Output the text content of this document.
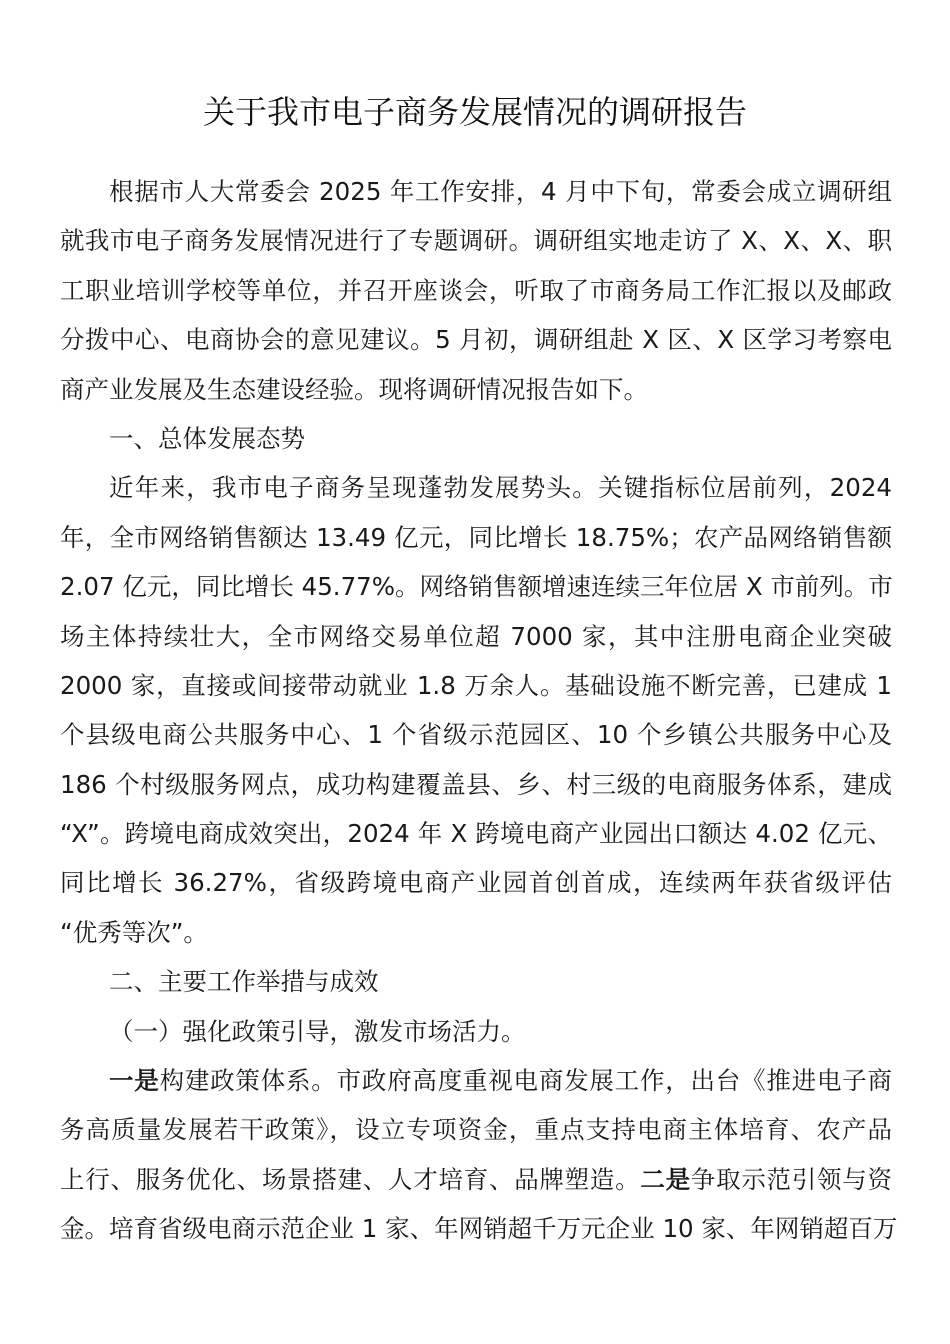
关于我市电子商务发展情况的调研报告
根据市人大常委会 2025 年工作安排，4 月中下旬，常委会成立调研组
就我市电子商务发展情况进行了专题调研。调研组实地走访了 X、X、X、职
工职业培训学校等单位，并召开座谈会，听取了市商务局工作汇报以及邮政
分拨中心、电商协会的意见建议。5 月初，调研组赴 X 区、X 区学习考察电
商产业发展及生态建设经验。现将调研情况报告如下。
一、总体发展态势
近年来，我市电子商务呈现蓬勃发展势头。关键指标位居前列，2024
年，全市网络销售额达 13.49 亿元，同比增长 18.75%；农产品网络销售额
2.07 亿元，同比增长 45.77%。网络销售额增速连续三年位居 X 市前列。市
场主体持续壮大，全市网络交易单位超 7000 家，其中注册电商企业突破
2000 家，直接或间接带动就业 1.8 万余人。基础设施不断完善，已建成 1
个县级电商公共服务中心、1 个省级示范园区、10 个乡镇公共服务中心及
186 个村级服务网点，成功构建覆盖县、乡、村三级的电商服务体系，建成
“X”。跨境电商成效突出，2024 年 X 跨境电商产业园出口额达 4.02 亿元、
同比增长 36.27%，省级跨境电商产业园首创首成，连续两年获省级评估
“优秀等次”。
二、主要工作举措与成效
（一）强化政策引导，激发市场活力。
一是构建政策体系。市政府高度重视电商发展工作，出台《推进电子商
务高质量发展若干政策》，设立专项资金，重点支持电商主体培育、农产品
上行、服务优化、场景搭建、人才培育、品牌塑造。二是争取示范引领与资
金。培育省级电商示范企业 1 家、年网销超千万元企业 10 家、年网销超百万
